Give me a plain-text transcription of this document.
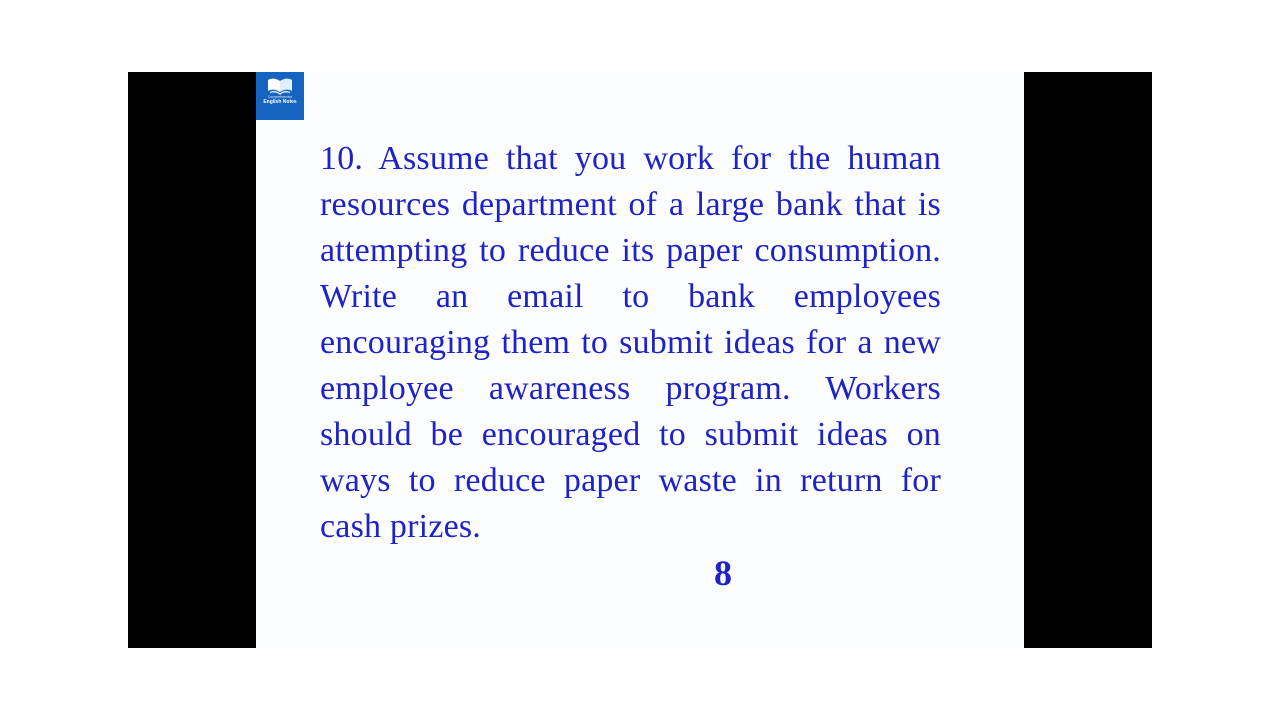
Comprehensive
English Notes

10. Assume that you work for the human resources department of a large bank that is attempting to reduce its paper consumption. Write an email to bank employees encouraging them to submit ideas for a new employee awareness program. Workers should be encouraged to submit ideas on ways to reduce paper waste in return for cash prizes.

8
